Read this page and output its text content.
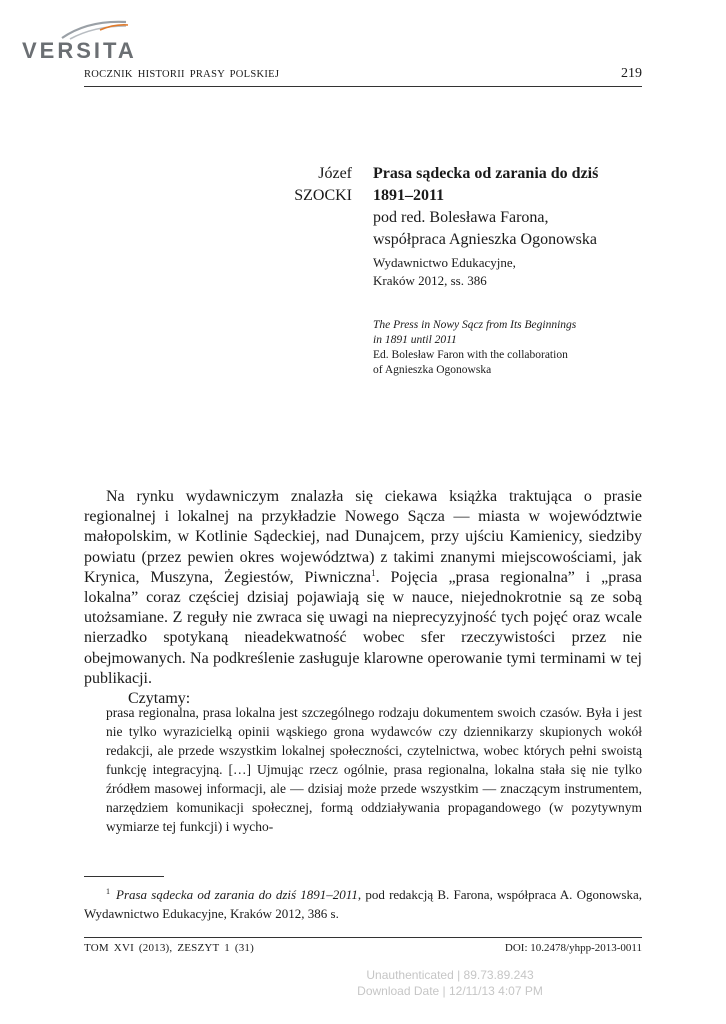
VERSITA
ROCZNIK HISTORII PRASY POLSKIEJ	219
Józef
SZOCKI
Prasa sądecka od zarania do dziś
1891–2011
pod red. Bolesława Farona,
współpraca Agnieszka Ogonowska
Wydawnictwo Edukacyjne,
Kraków 2012, ss. 386
The Press in Nowy Sącz from Its Beginnings
in 1891 until 2011
Ed. Bolesław Faron with the collaboration
of Agnieszka Ogonowska

Na rynku wydawniczym znalazła się ciekawa książka traktująca o prasie regionalnej i lokalnej na przykładzie Nowego Sącza — miasta w województwie małopolskim, w Kotlinie Sądeckiej, nad Dunajcem, przy ujściu Kamienicy, siedziby powiatu (przez pewien okres województwa) z takimi znanymi miejscowościami, jak Krynica, Muszyna, Żegiestów, Piwniczna$^1$. Pojęcia „prasa regionalna” i „prasa lokalna” coraz częściej dzisiaj pojawiają się w nauce, niejednokrotnie są ze sobą utożsamiane. Z reguły nie zwraca się uwagi na nieprecyzyjność tych pojęć oraz wcale nierzadko spotykaną nieadekwatność wobec sfer rzeczywistości przez nie obejmowanych. Na podkreślenie zasługuje klarowne operowanie tymi terminami w tej publikacji.

Czytamy:

prasa regionalna, prasa lokalna jest szczególnego rodzaju dokumentem swoich czasów. Była i jest nie tylko wyrazicielką opinii wąskiego grona wydawców czy dziennikarzy skupionych wokół redakcji, ale przede wszystkim lokalnej społeczności, czytelnictwa, wobec których pełni swoistą funkcję integracyjną. […] Ujmując rzecz ogólnie, prasa regionalna, lokalna stała się nie tylko źródłem masowej informacji, ale — dzisiaj może przede wszystkim — znaczącym instrumentem, narzędziem komunikacji społecznej, formą oddziaływania propagandowego (w pozytywnym wymiarze tej funkcji) i wycho-

$^1$ Prasa sądecka od zarania do dziś 1891–2011, pod redakcją B. Farona, współpraca A. Ogonowska, Wydawnictwo Edukacyjne, Kraków 2012, 386 s.

TOM XVI (2013), ZESZYT 1 (31)	DOI: 10.2478/yhpp-2013-0011
Unauthenticated | 89.73.89.243
Download Date | 12/11/13 4:07 PM
